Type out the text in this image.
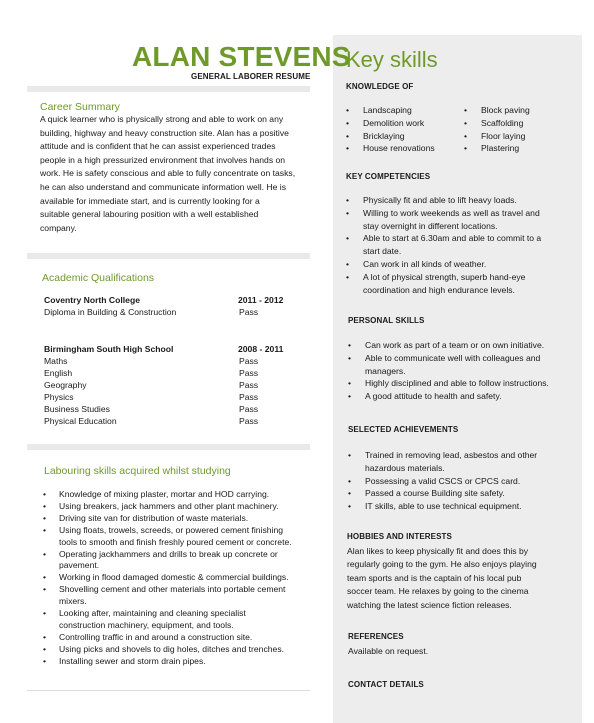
ALAN STEVENS
GENERAL LABORER RESUME
Career Summary
A quick learner who is physically strong and able to work on any
building, highway and heavy construction site. Alan has a positive
attitude and is confident that he can assist experienced trades
people in a high pressurized environment that involves hands on
work. He is safety conscious and able to fully concentrate on tasks,
he can also understand and communicate information well. He is
available for immediate start, and is currently looking for a
suitable general labouring position with a well established
company.
Academic Qualifications
Coventry North College	2011 - 2012
Diploma in Building & Construction	Pass
Birmingham South High School	2008 - 2011
Maths	Pass
English	Pass
Geography	Pass
Physics	Pass
Business Studies	Pass
Physical Education	Pass
Labouring skills acquired whilst studying
• Knowledge of mixing plaster, mortar and HOD carrying.
• Using breakers, jack hammers and other plant machinery.
• Driving site van for distribution of waste materials.
• Using floats, trowels, screeds, or powered cement finishing
tools to smooth and finish freshly poured cement or concrete.
• Operating jackhammers and drills to break up concrete or
pavement.
• Working in flood damaged domestic & commercial buildings.
• Shovelling cement and other materials into portable cement
mixers.
• Looking after, maintaining and cleaning specialist
construction machinery, equipment, and tools.
• Controlling traffic in and around a construction site.
• Using picks and shovels to dig holes, ditches and trenches.
• Installing sewer and storm drain pipes.
Key skills
KNOWLEDGE OF
• Landscaping
• Demolition work
• Bricklaying
• House renovations
• Block paving
• Scaffolding
• Floor laying
• Plastering
KEY COMPETENCIES
• Physically fit and able to lift heavy loads.
• Willing to work weekends as well as travel and
stay overnight in different locations.
• Able to start at 6.30am and able to commit to a
start date.
• Can work in all kinds of weather.
• A lot of physical strength, superb hand-eye
coordination and high endurance levels.
PERSONAL SKILLS
• Can work as part of a team or on own initiative.
• Able to communicate well with colleagues and
managers.
• Highly disciplined and able to follow instructions.
• A good attitude to health and safety.
SELECTED ACHIEVEMENTS
• Trained in removing lead, asbestos and other
hazardous materials.
• Possessing a valid CSCS or CPCS card.
• Passed a course Building site safety.
• IT skills, able to use technical equipment.
HOBBIES AND INTERESTS
Alan likes to keep physically fit and does this by
regularly going to the gym. He also enjoys playing
team sports and is the captain of his local pub
soccer team. He relaxes by going to the cinema
watching the latest science fiction releases.
REFERENCES
Available on request.
CONTACT DETAILS
